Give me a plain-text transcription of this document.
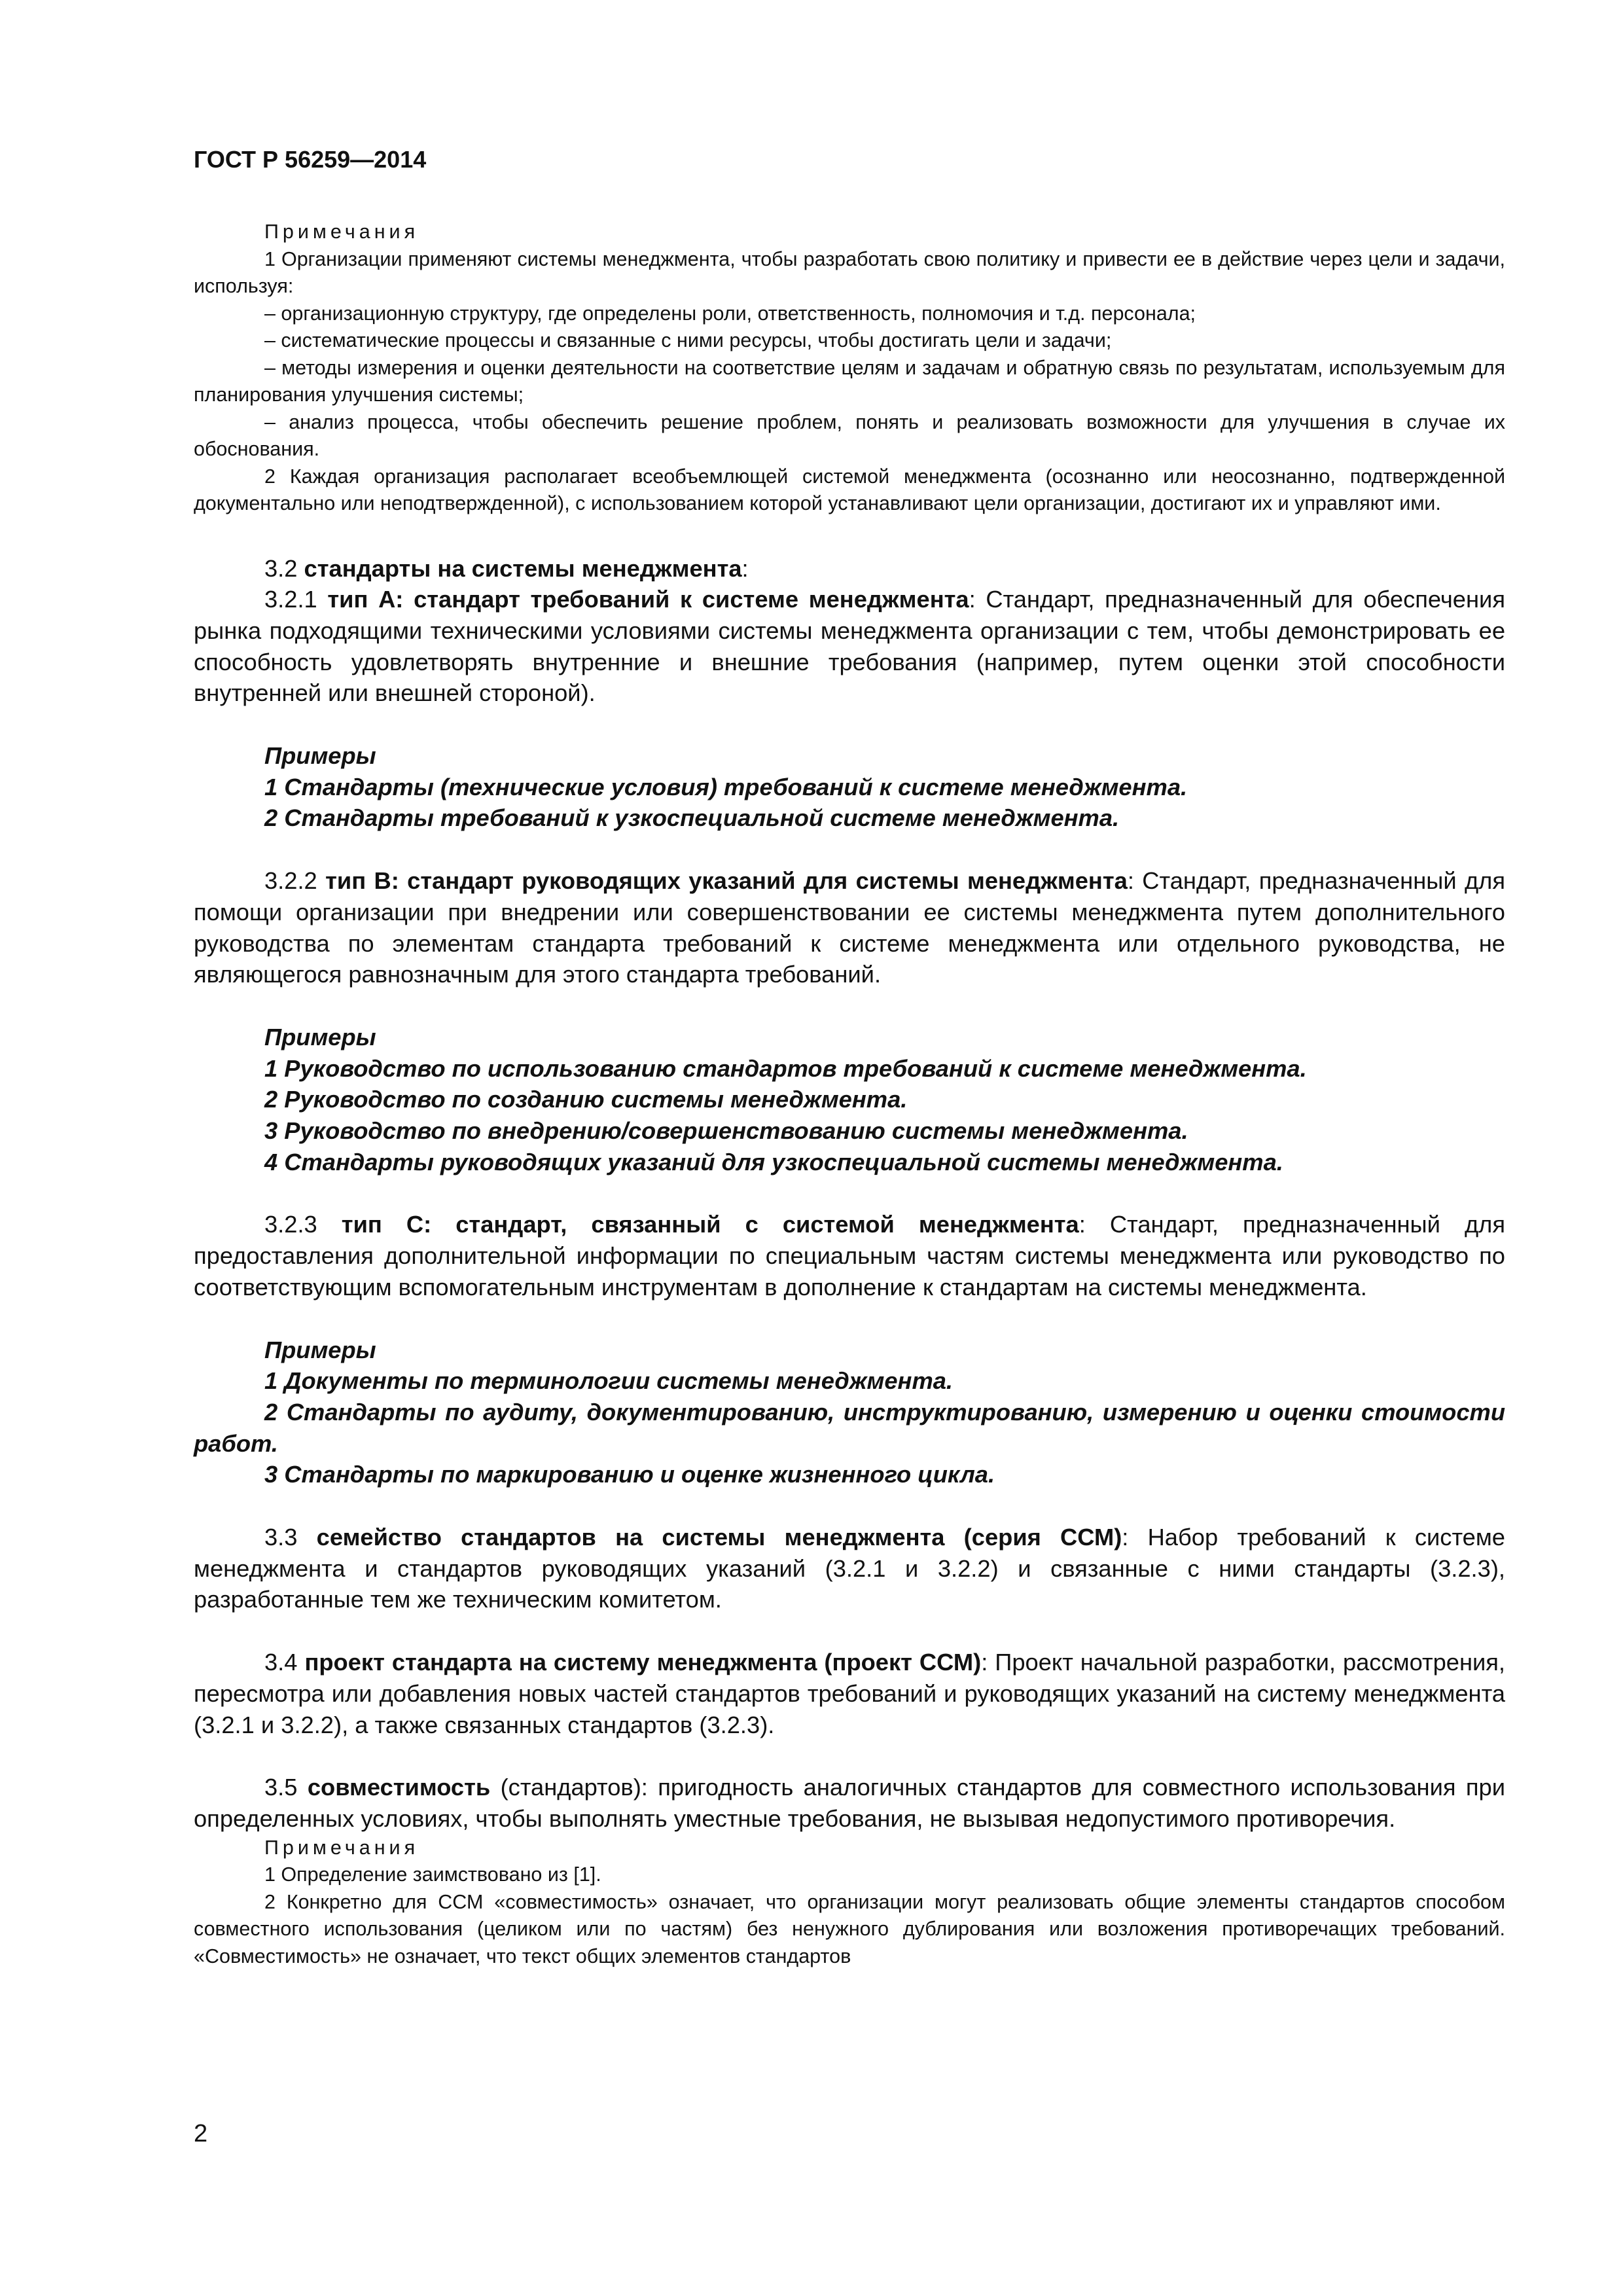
ГОСТ Р 56259—2014

Примечания

1 Организации применяют системы менеджмента, чтобы разработать свою политику и привести ее в действие через цели и задачи, используя:

– организационную структуру, где определены роли, ответственность, полномочия и т.д. персонала;

– систематические процессы и связанные с ними ресурсы, чтобы достигать цели и задачи;

– методы измерения и оценки деятельности на соответствие целям и задачам и обратную связь по результатам, используемым для планирования улучшения системы;

– анализ процесса, чтобы обеспечить решение проблем, понять и реализовать возможности для улучшения в случае их обоснования.

2 Каждая организация располагает всеобъемлющей системой менеджмента (осознанно или неосознанно, подтвержденной документально или неподтвержденной), с использованием которой устанавливают цели организации, достигают их и управляют ими.

3.2 стандарты на системы менеджмента:

3.2.1 тип A: стандарт требований к системе менеджмента: Стандарт, предназначенный для обеспечения рынка подходящими техническими условиями системы менеджмента организации с тем, чтобы демонстрировать ее способность удовлетворять внутренние и внешние требования (например, путем оценки этой способности внутренней или внешней стороной).

Примеры

1 Стандарты (технические условия) требований к системе менеджмента.

2 Стандарты требований к узкоспециальной системе менеджмента.

3.2.2 тип B: стандарт руководящих указаний для системы менеджмента: Стандарт, предназначенный для помощи организации при внедрении или совершенствовании ее системы менеджмента путем дополнительного руководства по элементам стандарта требований к системе менеджмента или отдельного руководства, не являющегося равнозначным для этого стандарта требований.

Примеры

1 Руководство по использованию стандартов требований к системе менеджмента.

2 Руководство по созданию системы менеджмента.

3 Руководство по внедрению/совершенствованию системы менеджмента.

4 Стандарты руководящих указаний для узкоспециальной системы менеджмента.

3.2.3 тип C: стандарт, связанный с системой менеджмента: Стандарт, предназначенный для предоставления дополнительной информации по специальным частям системы менеджмента или руководство по соответствующим вспомогательным инструментам в дополнение к стандартам на системы менеджмента.

Примеры

1 Документы по терминологии системы менеджмента.

2 Стандарты по аудиту, документированию, инструктированию, измерению и оценки стоимости работ.

3 Стандарты по маркированию и оценке жизненного цикла.

3.3 семейство стандартов на системы менеджмента (серия ССМ): Набор требований к системе менеджмента и стандартов руководящих указаний (3.2.1 и 3.2.2) и связанные с ними стандарты (3.2.3), разработанные тем же техническим комитетом.

3.4 проект стандарта на систему менеджмента (проект ССМ): Проект начальной разработки, рассмотрения, пересмотра или добавления новых частей стандартов требований и руководящих указаний на систему менеджмента (3.2.1 и 3.2.2), а также связанных стандартов (3.2.3).

3.5 совместимость (стандартов): пригодность аналогичных стандартов для совместного использования при определенных условиях, чтобы выполнять уместные требования, не вызывая недопустимого противоречия.

Примечания

1 Определение заимствовано из [1].

2 Конкретно для ССМ «совместимость» означает, что организации могут реализовать общие элементы стандартов способом совместного использования (целиком или по частям) без ненужного дублирования или возложения противоречащих требований. «Совместимость» не означает, что текст общих элементов стандартов

2
